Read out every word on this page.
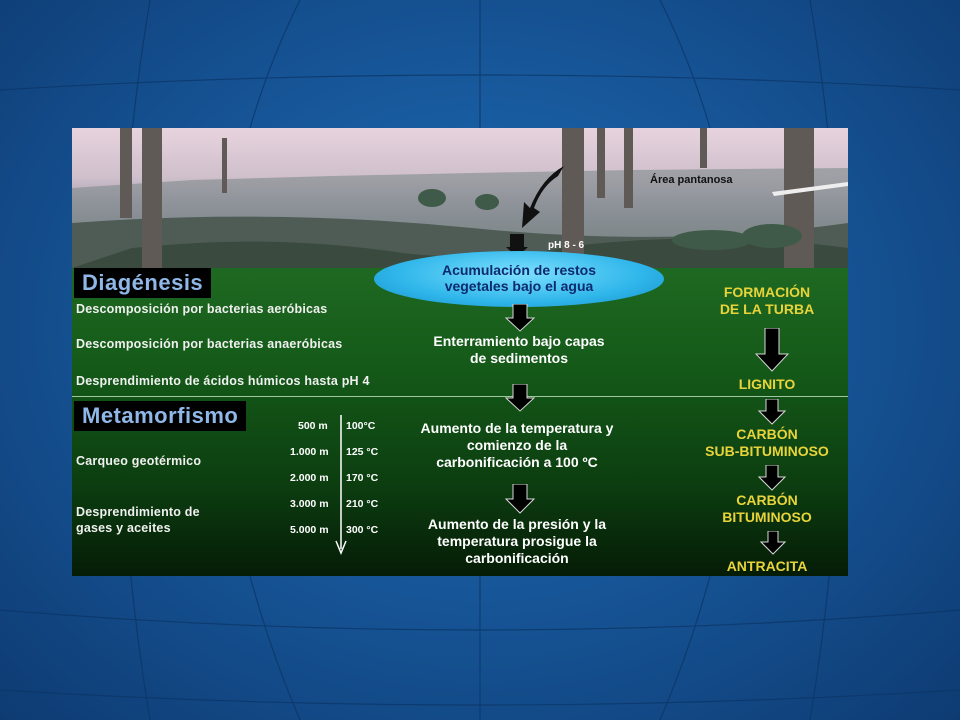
Área pantanosa
pH 8 - 6
Acumulación de restos
vegetales bajo el agua
Diagénesis
Descomposición por bacterias aeróbicas
Descomposición por bacterias anaeróbicas
Desprendimiento de ácidos húmicos hasta pH 4
Enterramiento bajo capas
de sedimentos
Metamorfismo
Carqueo geotérmico
Desprendimiento de
gases y aceites
500 m
1.000 m
2.000 m
3.000 m
5.000 m
100°C
125 °C
170 °C
210 °C
300 °C
Aumento de la temperatura y
comienzo de la
carbonificación a 100 ºC
Aumento de la presión y la
temperatura prosigue la
carbonificación
FORMACIÓN
DE LA TURBA
LIGNITO
CARBÓN
SUB-BITUMINOSO
CARBÓN
BITUMINOSO
ANTRACITA
